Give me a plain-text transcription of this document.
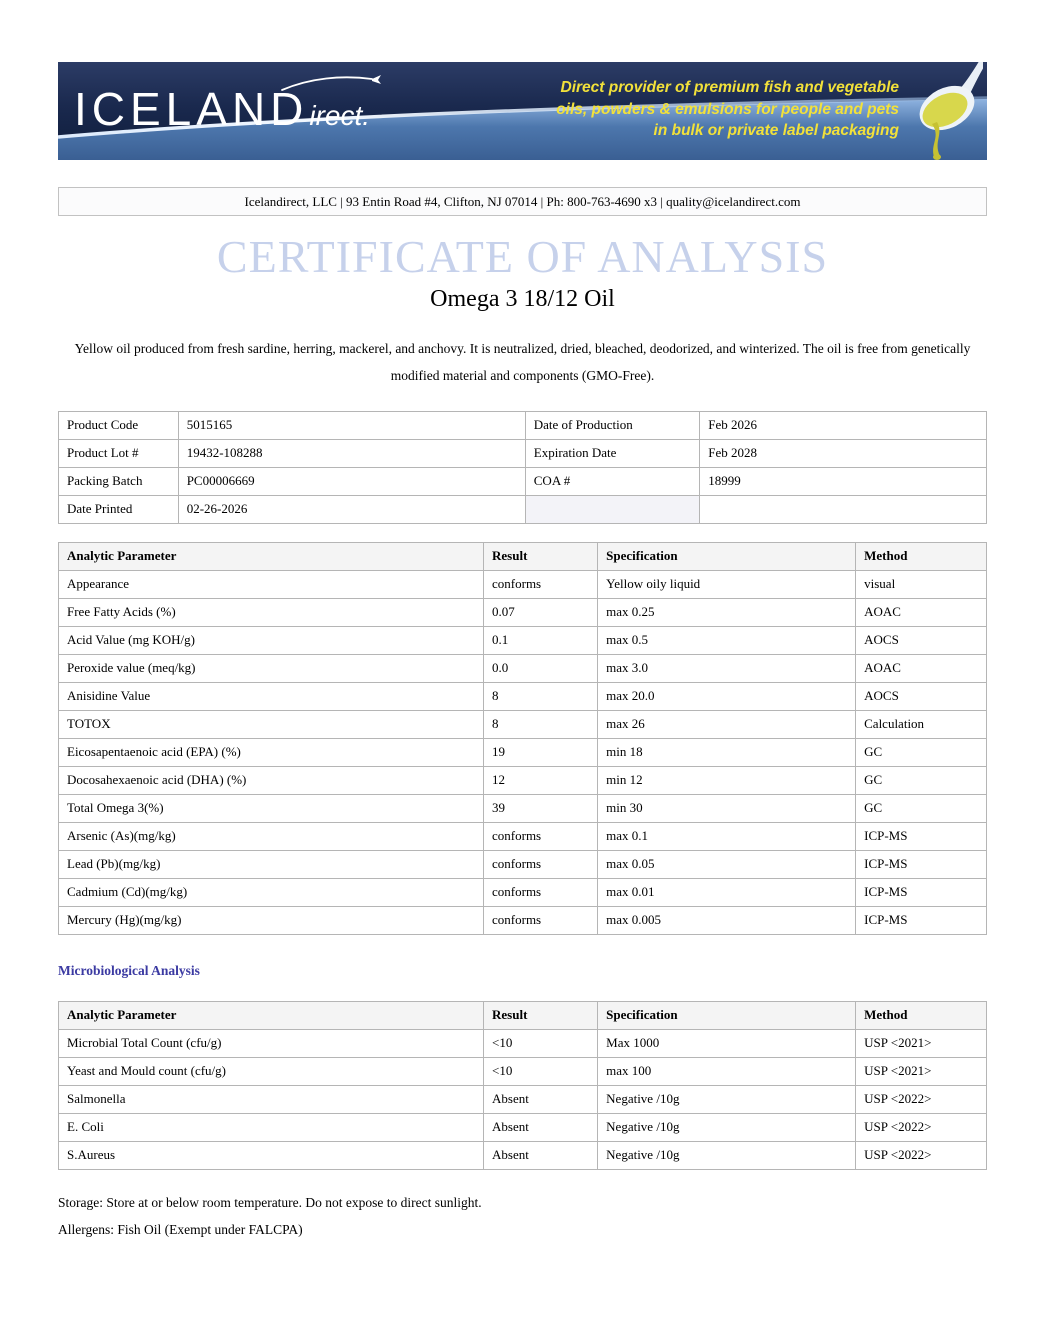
ICELANDirect.
Direct provider of premium fish and vegetable
oils, powders & emulsions for people and pets
in bulk or private label packaging
Icelandirect, LLC | 93 Entin Road #4, Clifton, NJ 07014 | Ph: 800-763-4690 x3 | quality@icelandirect.com
CERTIFICATE OF ANALYSIS
Omega 3 18/12 Oil
Yellow oil produced from fresh sardine, herring, mackerel, and anchovy. It is neutralized, dried, bleached, deodorized, and winterized. The oil is free from genetically modified material and components (GMO-Free).
Product Code	5015165	Date of Production	Feb 2026
Product Lot #	19432-108288	Expiration Date	Feb 2028
Packing Batch	PC00006669	COA #	18999
Date Printed	02-26-2026		
Analytic Parameter	Result	Specification	Method
Appearance	conforms	Yellow oily liquid	visual
Free Fatty Acids (%)	0.07	max 0.25	AOAC
Acid Value (mg KOH/g)	0.1	max 0.5	AOCS
Peroxide value (meq/kg)	0.0	max 3.0	AOAC
Anisidine Value	8	max 20.0	AOCS
TOTOX	8	max 26	Calculation
Eicosapentaenoic acid (EPA) (%)	19	min 18	GC
Docosahexaenoic acid (DHA) (%)	12	min 12	GC
Total Omega 3(%)	39	min 30	GC
Arsenic (As)(mg/kg)	conforms	max 0.1	ICP-MS
Lead (Pb)(mg/kg)	conforms	max 0.05	ICP-MS
Cadmium (Cd)(mg/kg)	conforms	max 0.01	ICP-MS
Mercury (Hg)(mg/kg)	conforms	max 0.005	ICP-MS
Microbiological Analysis
Analytic Parameter	Result	Specification	Method
Microbial Total Count (cfu/g)	<10	Max 1000	USP <2021>
Yeast and Mould count (cfu/g)	<10	max 100	USP <2021>
Salmonella	Absent	Negative /10g	USP <2022>
E. Coli	Absent	Negative /10g	USP <2022>
S.Aureus	Absent	Negative /10g	USP <2022>
Storage: Store at or below room temperature. Do not expose to direct sunlight.
Allergens: Fish Oil (Exempt under FALCPA)
